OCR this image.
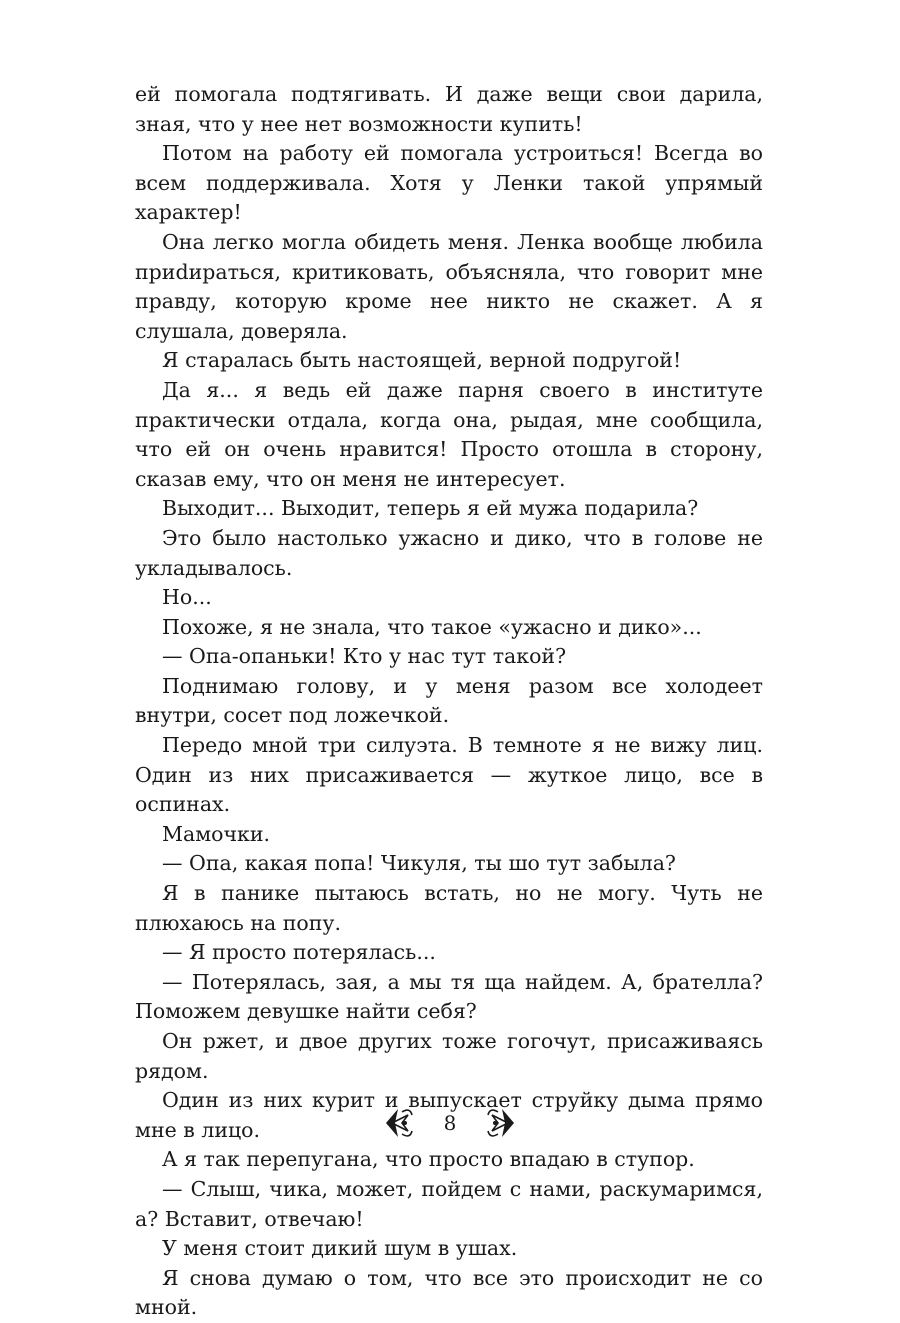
ей помогала подтягивать. И даже вещи свои дарила, зная, что у нее нет возможности купить!

Потом на работу ей помогала устроиться! Всегда во всем поддерживала. Хотя у Ленки такой упрямый характер!

Она легко могла обидеть меня. Ленка вообще любила приdираться, критиковать, объясняла, что говорит мне правду, которую кроме нее никто не скажет. А я слушала, доверяла.

Я старалась быть настоящей, верной подругой!

Да я... я ведь ей даже парня своего в институте практически отдала, когда она, рыдая, мне сообщила, что ей он очень нравится! Просто отошла в сторону, сказав ему, что он меня не интересует.

Выходит... Выходит, теперь я ей мужа подарила?

Это было настолько ужасно и дико, что в голове не укладывалось.

Но...

Похоже, я не знала, что такое «ужасно и дико»...

— Опа-опаньки! Кто у нас тут такой?

Поднимаю голову, и у меня разом все холодеет внутри, сосет под ложечкой.

Передо мной три силуэта. В темноте я не вижу лиц. Один из них присаживается — жуткое лицо, все в оспинах.

Мамочки.

— Опа, какая попа! Чикуля, ты шо тут забыла?

Я в панике пытаюсь встать, но не могу. Чуть не плюхаюсь на попу.

— Я просто потерялась...

— Потерялась, зая, а мы тя ща найдем. А, брателла? Поможем девушке найти себя?

Он ржет, и двое других тоже гогочут, присаживаясь рядом.

Один из них курит и выпускает струйку дыма прямо мне в лицо.

А я так перепугана, что просто впадаю в ступор.

— Слыш, чика, может, пойдем с нами, раскумаримся, а? Вставит, отвечаю!

У меня стоит дикий шум в ушах.

Я снова думаю о том, что все это происходит не со мной.

8
